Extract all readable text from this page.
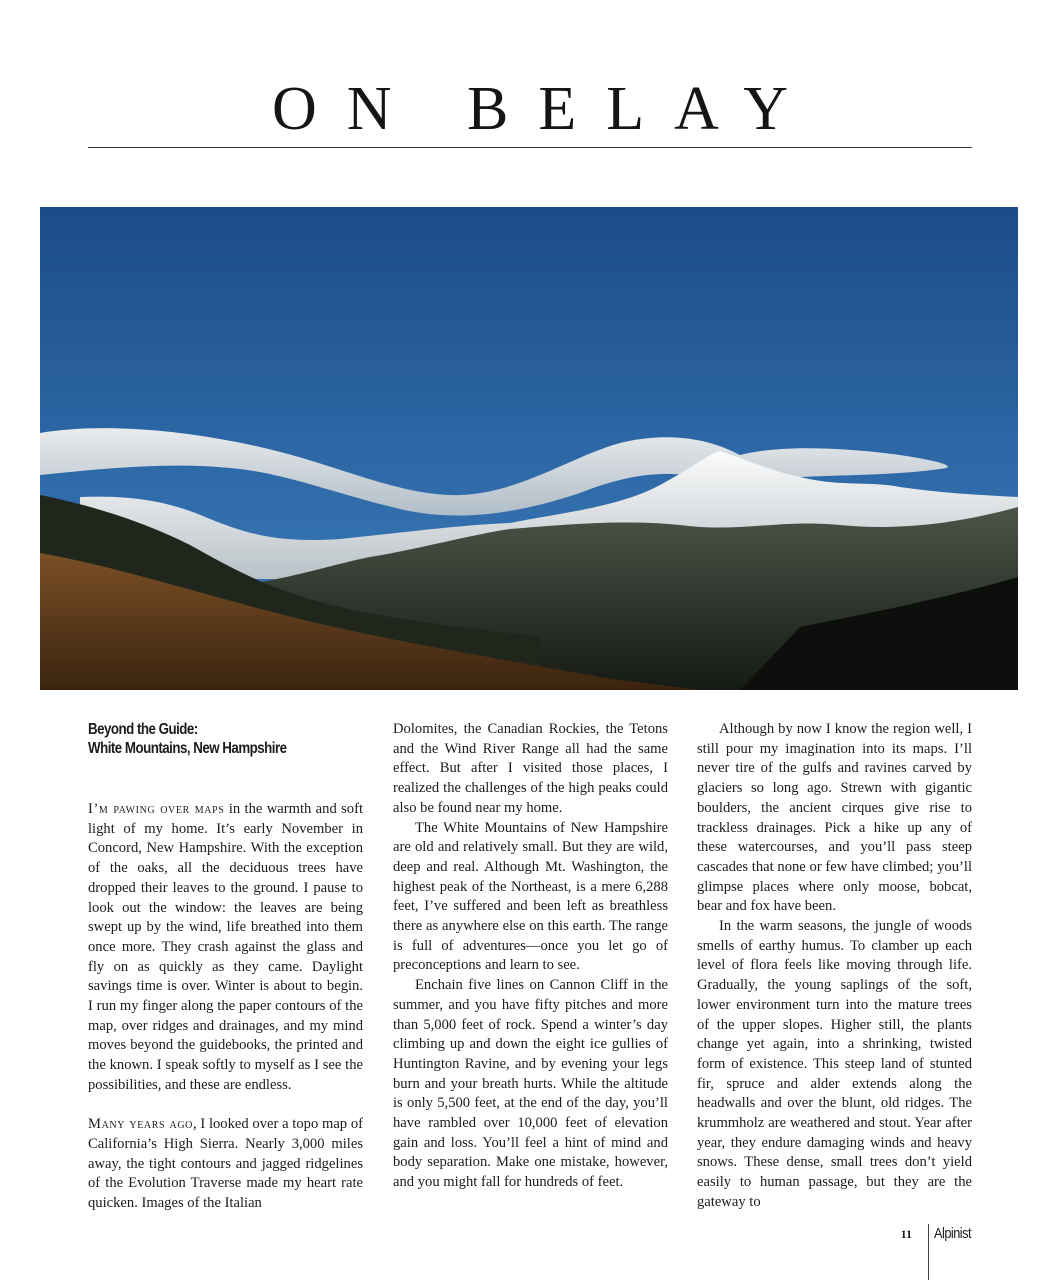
ON BELAY
Beyond the Guide:
White Mountains, New Hampshire

I’m pawing over maps in the warmth and soft light of my home. It’s early November in Concord, New Hampshire. With the exception of the oaks, all the deciduous trees have dropped their leaves to the ground. I pause to look out the window: the leaves are being swept up by the wind, life breathed into them once more. They crash against the glass and fly on as quickly as they came. Daylight savings time is over. Winter is about to begin. I run my finger along the paper contours of the map, over ridges and drainages, and my mind moves beyond the guidebooks, the printed and the known. I speak softly to myself as I see the possibilities, and these are endless.

Many years ago, I looked over a topo map of California’s High Sierra. Nearly 3,000 miles away, the tight contours and jagged ridgelines of the Evolution Traverse made my heart rate quicken. Images of the Italian

Dolomites, the Canadian Rockies, the Tetons and the Wind River Range all had the same effect. But after I visited those places, I realized the challenges of the high peaks could also be found near my home.

The White Mountains of New Hampshire are old and relatively small. But they are wild, deep and real. Although Mt. Washington, the highest peak of the Northeast, is a mere 6,288 feet, I’ve suffered and been left as breathless there as anywhere else on this earth. The range is full of adventures—once you let go of preconceptions and learn to see.

Enchain five lines on Cannon Cliff in the summer, and you have fifty pitches and more than 5,000 feet of rock. Spend a winter’s day climbing up and down the eight ice gullies of Huntington Ravine, and by evening your legs burn and your breath hurts. While the altitude is only 5,500 feet, at the end of the day, you’ll have rambled over 10,000 feet of elevation gain and loss. You’ll feel a hint of mind and body separation. Make one mistake, however, and you might fall for hundreds of feet.

Although by now I know the region well, I still pour my imagination into its maps. I’ll never tire of the gulfs and ravines carved by glaciers so long ago. Strewn with gigantic boulders, the ancient cirques give rise to trackless drainages. Pick a hike up any of these watercourses, and you’ll pass steep cascades that none or few have climbed; you’ll glimpse places where only moose, bobcat, bear and fox have been.

In the warm seasons, the jungle of woods smells of earthy humus. To clamber up each level of flora feels like moving through life. Gradually, the young saplings of the soft, lower environment turn into the mature trees of the upper slopes. Higher still, the plants change yet again, into a shrinking, twisted form of existence. This steep land of stunted fir, spruce and alder extends along the headwalls and over the blunt, old ridges. The krummholz are weathered and stout. Year after year, they endure damaging winds and heavy snows. These dense, small trees don’t yield easily to human passage, but they are the gateway to

11 Alpinist
